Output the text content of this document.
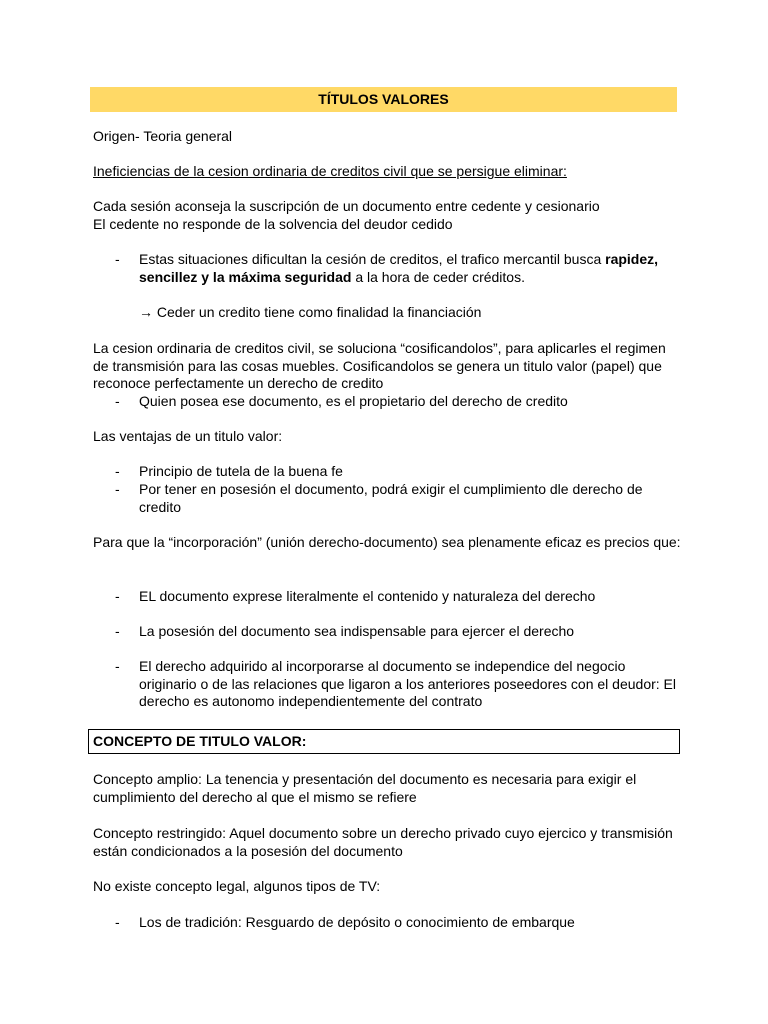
TÍTULOS VALORES
Origen- Teoria general
Ineficiencias de la cesion ordinaria de creditos civil que se persigue eliminar:
Cada sesión aconseja la suscripción de un documento entre cedente y cesionario
El cedente no responde de la solvencia del deudor cedido
- Estas situaciones dificultan la cesión de creditos, el trafico mercantil busca rapidez, sencillez y la máxima seguridad a la hora de ceder créditos.
→ Ceder un credito tiene como finalidad la financiación
La cesion ordinaria de creditos civil, se soluciona “cosificandolos”, para aplicarles el regimen de transmisión para las cosas muebles. Cosificandolos se genera un titulo valor (papel) que reconoce perfectamente un derecho de credito
- Quien posea ese documento, es el propietario del derecho de credito
Las ventajas de un titulo valor:
- Principio de tutela de la buena fe
- Por tener en posesión el documento, podrá exigir el cumplimiento dle derecho de credito
Para que la “incorporación” (unión derecho-documento) sea plenamente eficaz es precios que:
- EL documento exprese literalmente el contenido y naturaleza del derecho
- La posesión del documento sea indispensable para ejercer el derecho
- El derecho adquirido al incorporarse al documento se independice del negocio originario o de las relaciones que ligaron a los anteriores poseedores con el deudor: El derecho es autonomo independientemente del contrato
CONCEPTO DE TITULO VALOR:
Concepto amplio: La tenencia y presentación del documento es necesaria para exigir el cumplimiento del derecho al que el mismo se refiere
Concepto restringido: Aquel documento sobre un derecho privado cuyo ejercico y transmisión están condicionados a la posesión del documento
No existe concepto legal, algunos tipos de TV:
- Los de tradición: Resguardo de depósito o conocimiento de embarque
